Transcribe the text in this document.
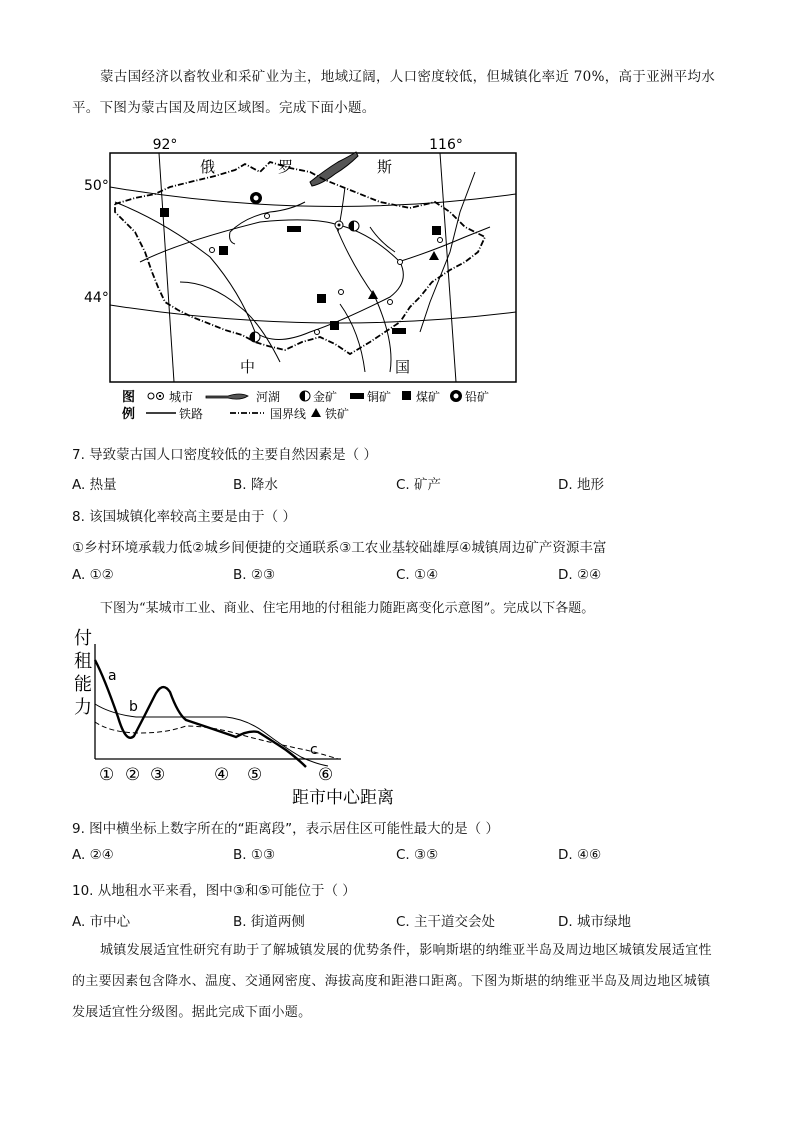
蒙古国经济以畜牧业和采矿业为主，地域辽阔，人口密度较低，但城镇化率近 70%，高于亚洲平均水平。下图为蒙古国及周边区域图。完成下面小题。
92°	116°
50°
44°
俄	罗	斯
中	国
图
例
城市	河湖	金矿 铜矿 煤矿 铅矿
铁路	国界线 铁矿
7. 导致蒙古国人口密度较低的主要自然因素是（ ）
A. 热量	B. 降水	C. 矿产	D. 地形
8. 该国城镇化率较高主要是由于（ ）
①乡村环境承载力低②城乡间便捷的交通联系③工农业基较础雄厚④城镇周边矿产资源丰富
A. ①②	B. ②③	C. ①④	D. ②④
下图为“某城市工业、商业、住宅用地的付租能力随距离变化示意图”。完成以下各题。
付
租
能
力
a
b
c
① ② ③	④ ⑤	⑥
距市中心距离
9. 图中横坐标上数字所在的“距离段”，表示居住区可能性最大的是（ ）
A. ②④	B. ①③	C. ③⑤	D. ④⑥
10. 从地租水平来看，图中③和⑤可能位于（ ）
A. 市中心	B. 街道两侧	C. 主干道交会处	D. 城市绿地
城镇发展适宜性研究有助于了解城镇发展的优势条件，影响斯堪的纳维亚半岛及周边地区城镇发展适宜性的主要因素包含降水、温度、交通网密度、海拔高度和距港口距离。下图为斯堪的纳维亚半岛及周边地区城镇发展适宜性分级图。据此完成下面小题。
